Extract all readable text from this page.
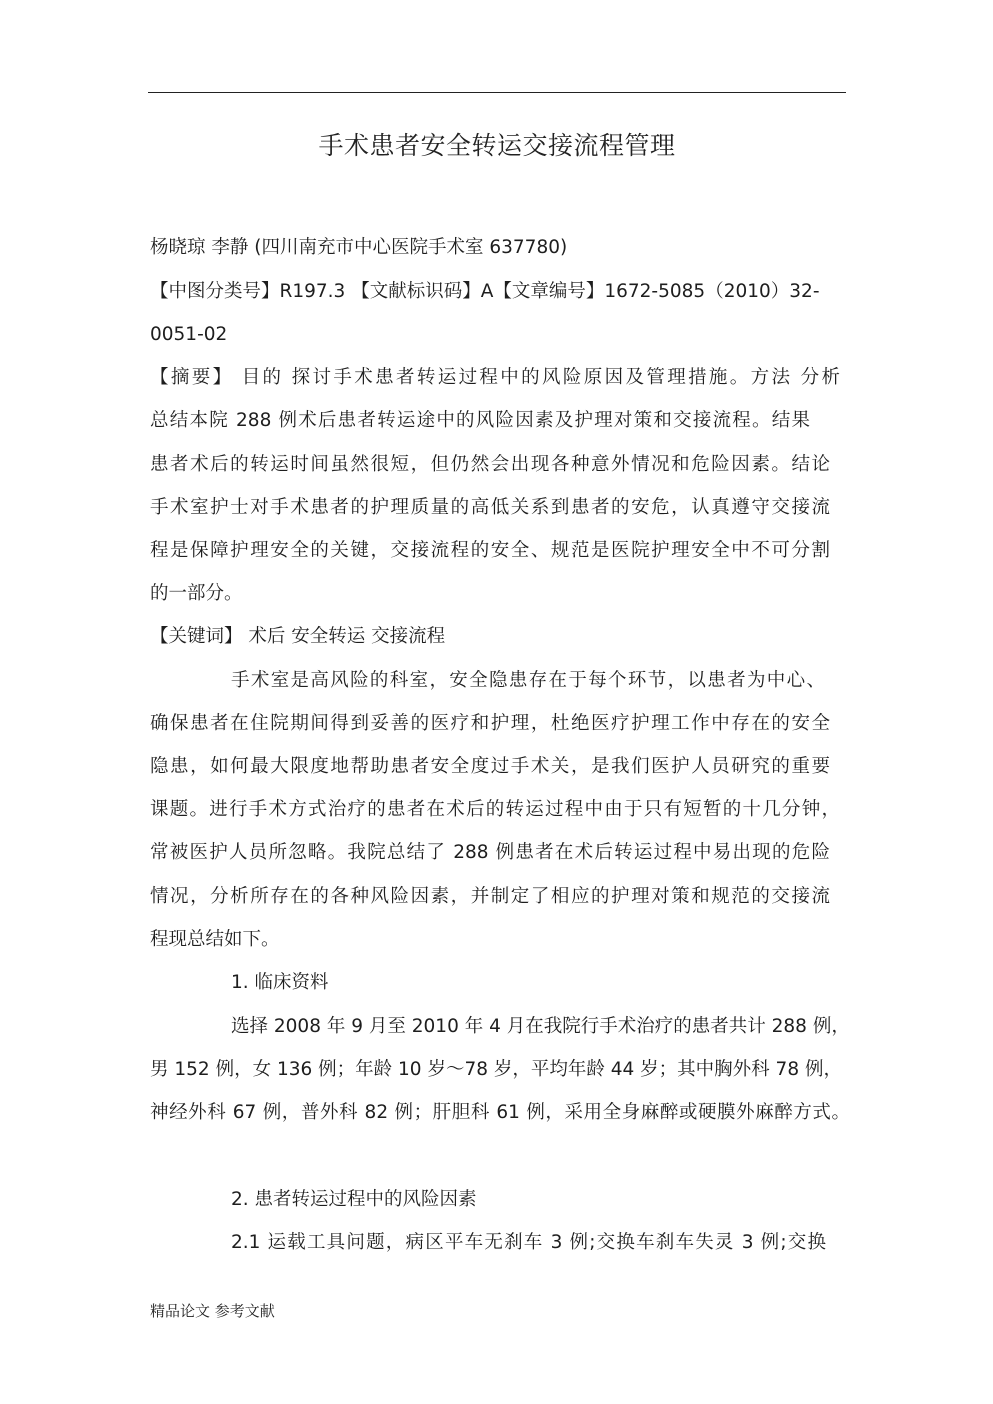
手术患者安全转运交接流程管理
杨晓琼 李静 (四川南充市中心医院手术室 637780)
【中图分类号】R197.3 【文献标识码】A【文章编号】1672-5085（2010）32-
0051-02
【摘要】 目的 探讨手术患者转运过程中的风险原因及管理措施。方法 分析
总结本院 288 例术后患者转运途中的风险因素及护理对策和交接流程。结果
患者术后的转运时间虽然很短，但仍然会出现各种意外情况和危险因素。结论
手术室护士对手术患者的护理质量的高低关系到患者的安危，认真遵守交接流
程是保障护理安全的关键，交接流程的安全、规范是医院护理安全中不可分割
的一部分。
【关键词】 术后 安全转运 交接流程
手术室是高风险的科室，安全隐患存在于每个环节，以患者为中心、
确保患者在住院期间得到妥善的医疗和护理，杜绝医疗护理工作中存在的安全
隐患，如何最大限度地帮助患者安全度过手术关，是我们医护人员研究的重要
课题。进行手术方式治疗的患者在术后的转运过程中由于只有短暂的十几分钟，
常被医护人员所忽略。我院总结了 288 例患者在术后转运过程中易出现的危险
情况，分析所存在的各种风险因素，并制定了相应的护理对策和规范的交接流
程现总结如下。
1. 临床资料
选择 2008 年 9 月至 2010 年 4 月在我院行手术治疗的患者共计 288 例，
男 152 例，女 136 例；年龄 10 岁～78 岁，平均年龄 44 岁；其中胸外科 78 例，
神经外科 67 例，普外科 82 例；肝胆科 61 例，采用全身麻醉或硬膜外麻醉方式。
2. 患者转运过程中的风险因素
2.1 运载工具问题，病区平车无刹车 3 例;交换车刹车失灵 3 例;交换
精品论文 参考文献
